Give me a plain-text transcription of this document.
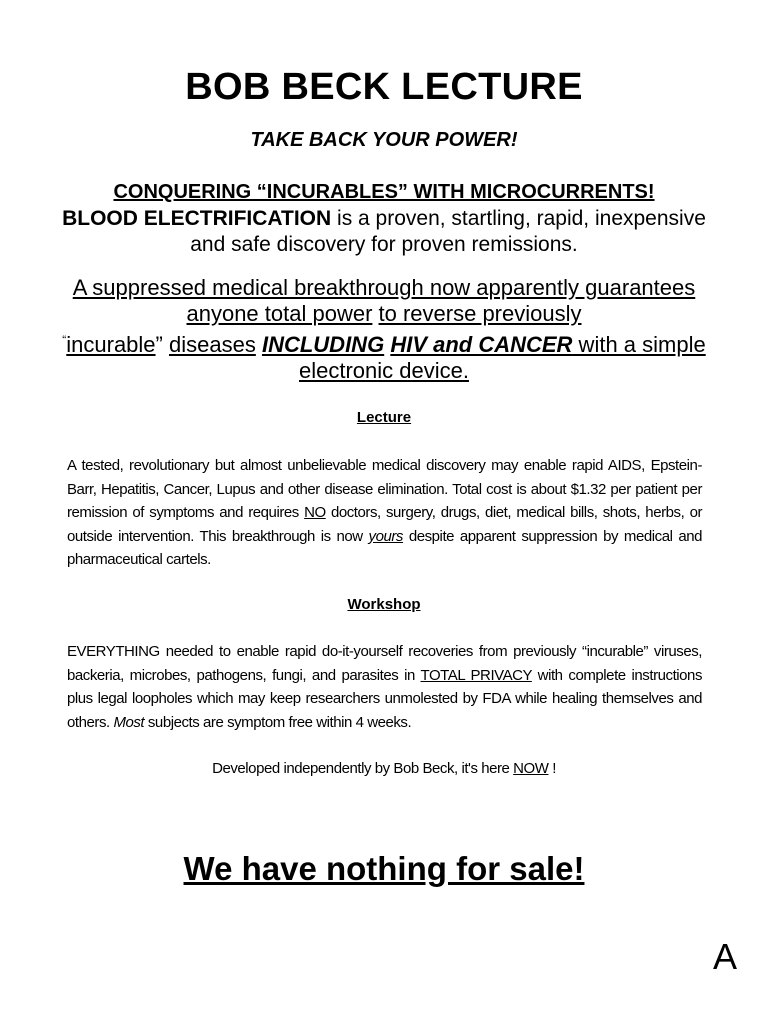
BOB BECK LECTURE
TAKE BACK YOUR POWER!
CONQUERING “INCURABLES” WITH MICROCURRENTS!
BLOOD ELECTRIFICATION is a proven, startling, rapid, inexpensive and safe discovery for proven remissions.
A suppressed medical breakthrough now apparently guarantees anyone total power to reverse previously
“incurable” diseases INCLUDING HIV and CANCER with a simple electronic device.
Lecture
A tested, revolutionary but almost unbelievable medical discovery may enable rapid AIDS, Epstein-Barr, Hepatitis, Cancer, Lupus and other disease elimination. Total cost is about $1.32 per patient per remission of symptoms and requires NO doctors, surgery, drugs, diet, medical bills, shots, herbs, or outside intervention. This breakthrough is now yours despite apparent suppression by medical and pharmaceutical cartels.
Workshop
EVERYTHING needed to enable rapid do-it-yourself recoveries from previously “incurable” viruses, backeria, microbes, pathogens, fungi, and parasites in TOTAL PRIVACY with complete instructions plus legal loopholes which may keep researchers unmolested by FDA while healing themselves and others. Most subjects are symptom free within 4 weeks.
Developed independently by Bob Beck, it's here NOW !
We have nothing for sale!
A
